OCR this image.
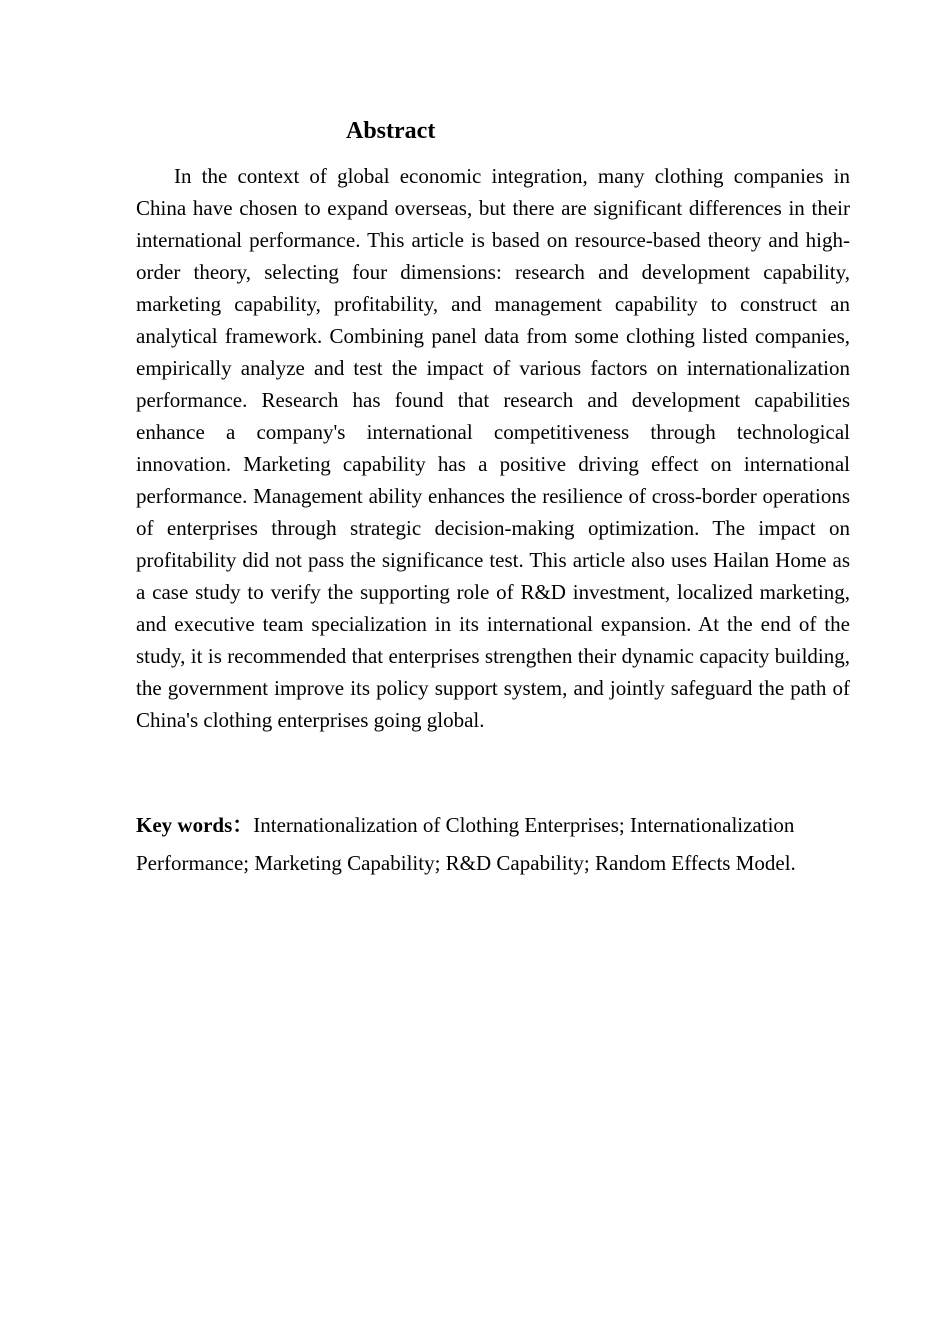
Abstract

In the context of global economic integration, many clothing companies in China have chosen to expand overseas, but there are significant differences in their international performance. This article is based on resource-based theory and high-order theory, selecting four dimensions: research and development capability, marketing capability, profitability, and management capability to construct an analytical framework. Combining panel data from some clothing listed companies, empirically analyze and test the impact of various factors on internationalization performance. Research has found that research and development capabilities enhance a company's international competitiveness through technological innovation. Marketing capability has a positive driving effect on international performance. Management ability enhances the resilience of cross-border operations of enterprises through strategic decision-making optimization. The impact on profitability did not pass the significance test. This article also uses Hailan Home as a case study to verify the supporting role of R&D investment, localized marketing, and executive team specialization in its international expansion. At the end of the study, it is recommended that enterprises strengthen their dynamic capacity building, the government improve its policy support system, and jointly safeguard the path of China's clothing enterprises going global.

Key words：Internationalization of Clothing Enterprises; Internationalization Performance; Marketing Capability; R&D Capability; Random Effects Model.
